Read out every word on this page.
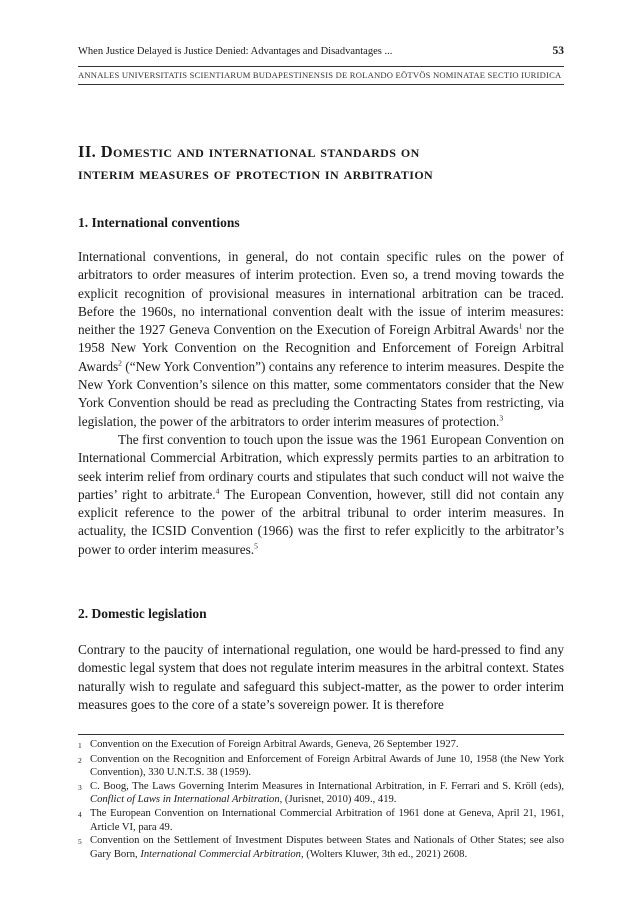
When Justice Delayed is Justice Denied: Advantages and Disadvantages ...	53
ANNALES UNIVERSITATIS SCIENTIARUM BUDAPESTINENSIS DE ROLANDO EÖTVÖS NOMINATAE SECTIO IURIDICA
II. Domestic and international standards on
interim measures of protection in arbitration
1. International conventions

International conventions, in general, do not contain specific rules on the power of arbitrators to order measures of interim protection. Even so, a trend moving towards the explicit recognition of provisional measures in international arbitration can be traced. Before the 1960s, no international convention dealt with the issue of interim measures: neither the 1927 Geneva Convention on the Execution of Foreign Arbitral Awards$^1$ nor the 1958 New York Convention on the Recognition and Enforcement of Foreign Arbitral Awards$^2$ (“New York Convention”) contains any reference to interim measures. Despite the New York Convention’s silence on this matter, some commentators consider that the New York Convention should be read as precluding the Contracting States from restricting, via legislation, the power of the arbitrators to order interim measures of protection.$^3$

The first convention to touch upon the issue was the 1961 European Convention on International Commercial Arbitration, which expressly permits parties to an arbitration to seek interim relief from ordinary courts and stipulates that such conduct will not waive the parties’ right to arbitrate.$^4$ The European Convention, however, still did not contain any explicit reference to the power of the arbitral tribunal to order interim measures. In actuality, the ICSID Convention (1966) was the first to refer explicitly to the arbitrator’s power to order interim measures.$^5$

2. Domestic legislation

Contrary to the paucity of international regulation, one would be hard-pressed to find any domestic legal system that does not regulate interim measures in the arbitral context. States naturally wish to regulate and safeguard this subject-matter, as the power to order interim measures goes to the core of a state’s sovereign power. It is therefore

1 Convention on the Execution of Foreign Arbitral Awards, Geneva, 26 September 1927.
2 Convention on the Recognition and Enforcement of Foreign Arbitral Awards of June 10, 1958 (the New York Convention), 330 U.N.T.S. 38 (1959).
3 C. Boog, The Laws Governing Interim Measures in International Arbitration, in F. Ferrari and S. Kröll (eds), Conflict of Laws in International Arbitration, (Jurisnet, 2010) 409., 419.
4 The European Convention on International Commercial Arbitration of 1961 done at Geneva, April 21, 1961, Article VI, para 49.
5 Convention on the Settlement of Investment Disputes between States and Nationals of Other States; see also Gary Born, International Commercial Arbitration, (Wolters Kluwer, 3th ed., 2021) 2608.
